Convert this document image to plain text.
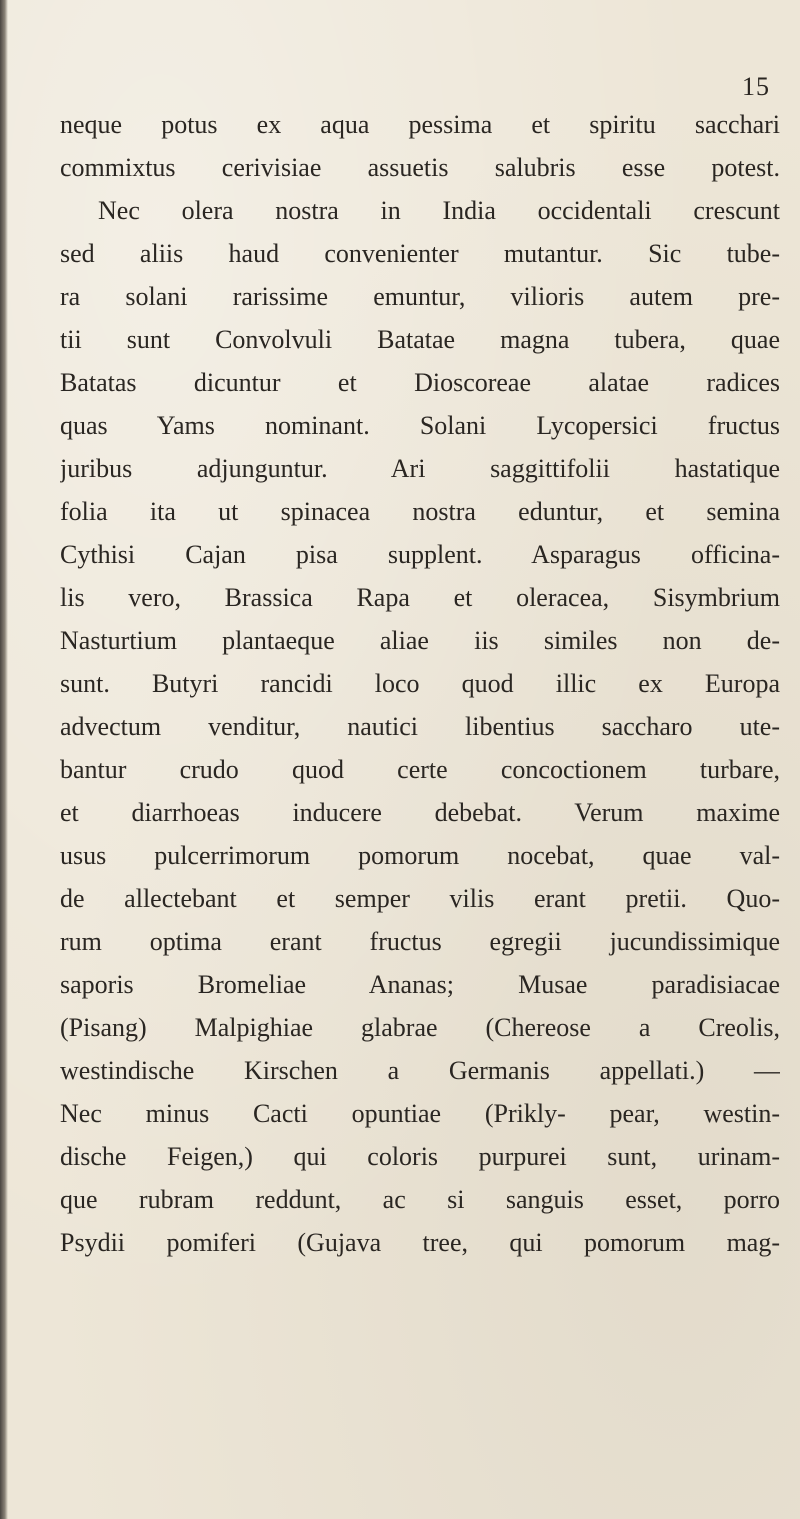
15
neque potus ex aqua pessima et spiritu sacchari
commixtus cerivisiae assuetis salubris esse potest.
Nec olera nostra in India occidentali crescunt
sed aliis haud convenienter mutantur. Sic tube-
ra solani rarissime emuntur, vilioris autem pre-
tii sunt Convolvuli Batatae magna tubera, quae
Batatas dicuntur et Dioscoreae alatae radices
quas Yams nominant. Solani Lycopersici fructus
juribus adjunguntur. Ari saggittifolii hastatique
folia ita ut spinacea nostra eduntur, et semina
Cythisi Cajan pisa supplent. Asparagus officina-
lis vero, Brassica Rapa et oleracea, Sisymbrium
Nasturtium plantaeque aliae iis similes non de-
sunt. Butyri rancidi loco quod illic ex Europa
advectum venditur, nautici libentius saccharo ute-
bantur crudo quod certe concoctionem turbare,
et diarrhoeas inducere debebat. Verum maxime
usus pulcerrimorum pomorum nocebat, quae val-
de allectebant et semper vilis erant pretii. Quo-
rum optima erant fructus egregii jucundissimique
saporis Bromeliae Ananas; Musae paradisiacae
(Pisang) Malpighiae glabrae (Chereose a Creolis,
westindische Kirschen a Germanis appellati.) —
Nec minus Cacti opuntiae (Prikly- pear, westin-
dische Feigen,) qui coloris purpurei sunt, urinam-
que rubram reddunt, ac si sanguis esset, porro
Psydii pomiferi (Gujava tree, qui pomorum mag-
